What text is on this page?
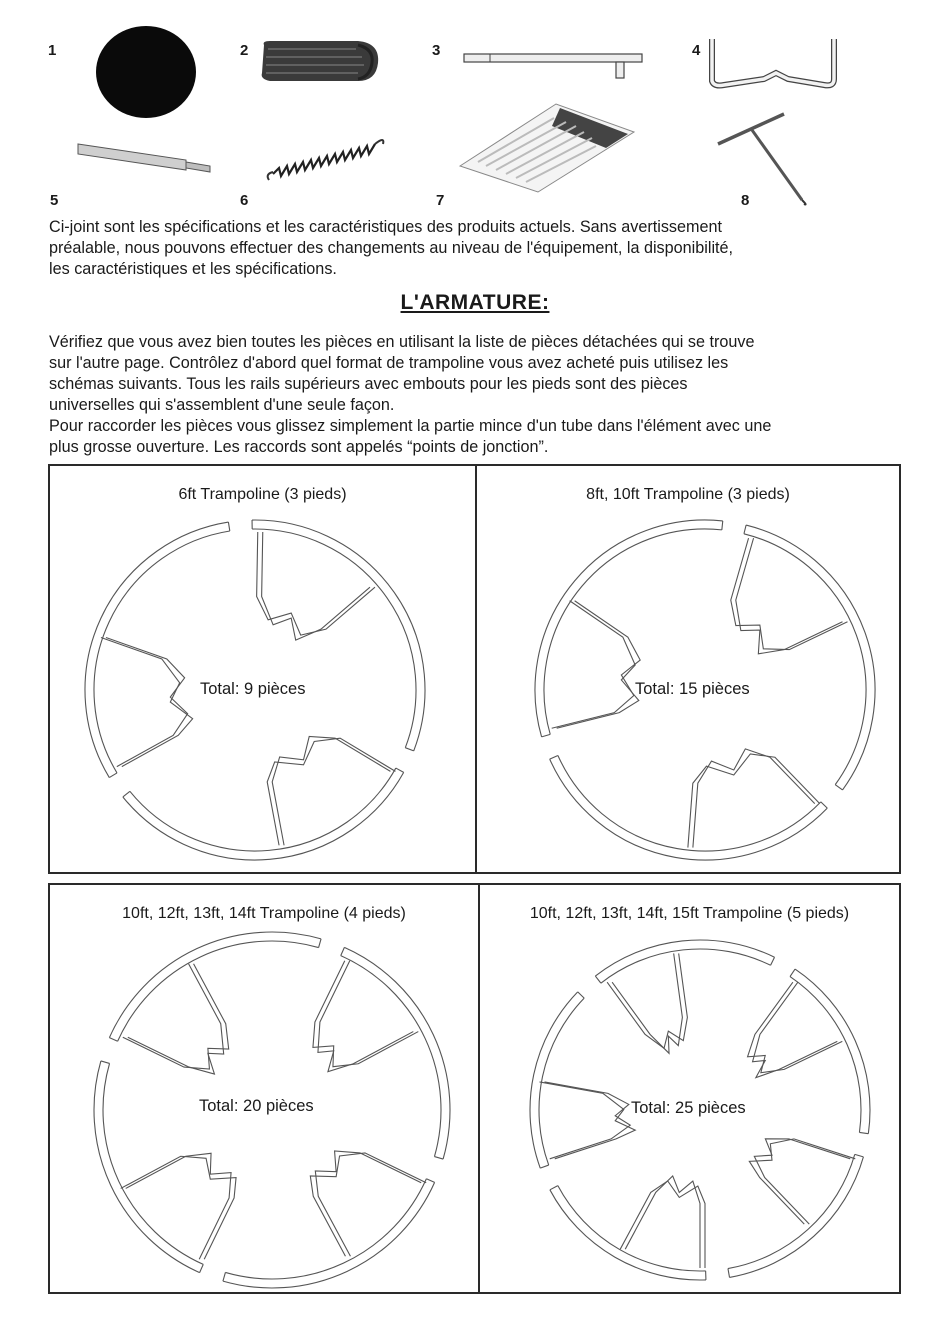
1	2	3	4
5	6	7	8
Ci-joint sont les spécifications et les caractéristiques des produits actuels. Sans avertissement
préalable, nous pouvons effectuer des changements au niveau de l'équipement, la disponibilité,
les caractéristiques et les spécifications.
L'ARMATURE:
Vérifiez que vous avez bien toutes les pièces en utilisant la liste de pièces détachées qui se trouve
sur l'autre page. Contrôlez d'abord quel format de trampoline vous avez acheté puis utilisez les
schémas suivants. Tous les rails supérieurs avec embouts pour les pieds sont des pièces
universelles qui s'assemblent d'une seule façon.
Pour raccorder les pièces vous glissez simplement la partie mince d'un tube dans l'élément avec une
plus grosse ouverture. Les raccords sont appelés “points de jonction”.
6ft Trampoline (3 pieds)
Total: 9 pièces
8ft, 10ft Trampoline (3 pieds)
Total: 15 pièces
10ft, 12ft, 13ft, 14ft Trampoline (4 pieds)
Total: 20 pièces
10ft, 12ft, 13ft, 14ft, 15ft Trampoline (5 pieds)
Total: 25 pièces
